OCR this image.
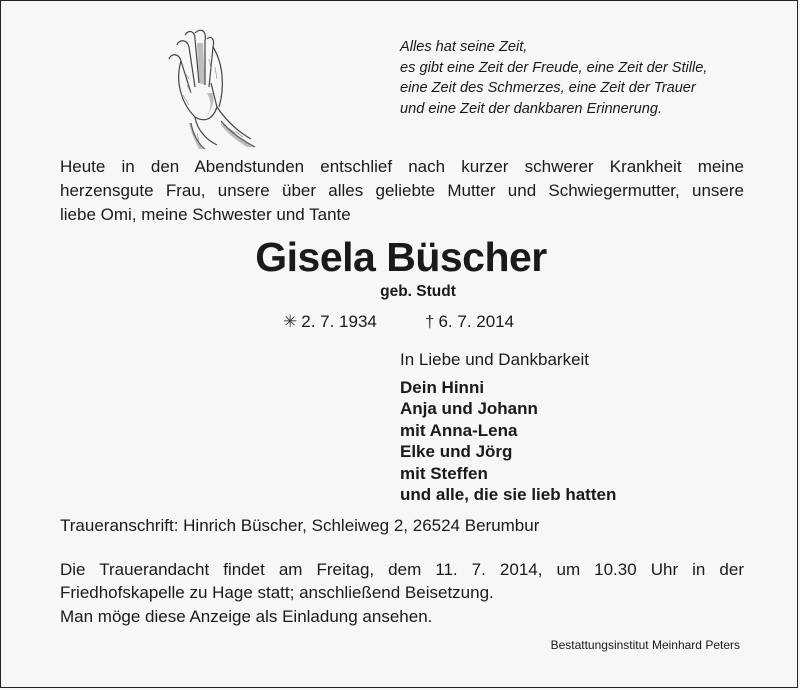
Alles hat seine Zeit,
es gibt eine Zeit der Freude, eine Zeit der Stille,
eine Zeit des Schmerzes, eine Zeit der Trauer
und eine Zeit der dankbaren Erinnerung.
Heute in den Abendstunden entschlief nach kurzer schwerer Krankheit meine
herzensgute Frau, unsere über alles geliebte Mutter und Schwiegermutter, unsere
liebe Omi, meine Schwester und Tante
Gisela Büscher
geb. Studt
✳ 2. 7. 1934	† 6. 7. 2014
In Liebe und Dankbarkeit
Dein Hinni
Anja und Johann
mit Anna-Lena
Elke und Jörg
mit Steffen
und alle, die sie lieb hatten
Traueranschrift: Hinrich Büscher, Schleiweg 2, 26524 Berumbur
Die Trauerandacht findet am Freitag, dem 11. 7. 2014, um 10.30 Uhr in der
Friedhofskapelle zu Hage statt; anschließend Beisetzung.
Man möge diese Anzeige als Einladung ansehen.
Bestattungsinstitut Meinhard Peters
